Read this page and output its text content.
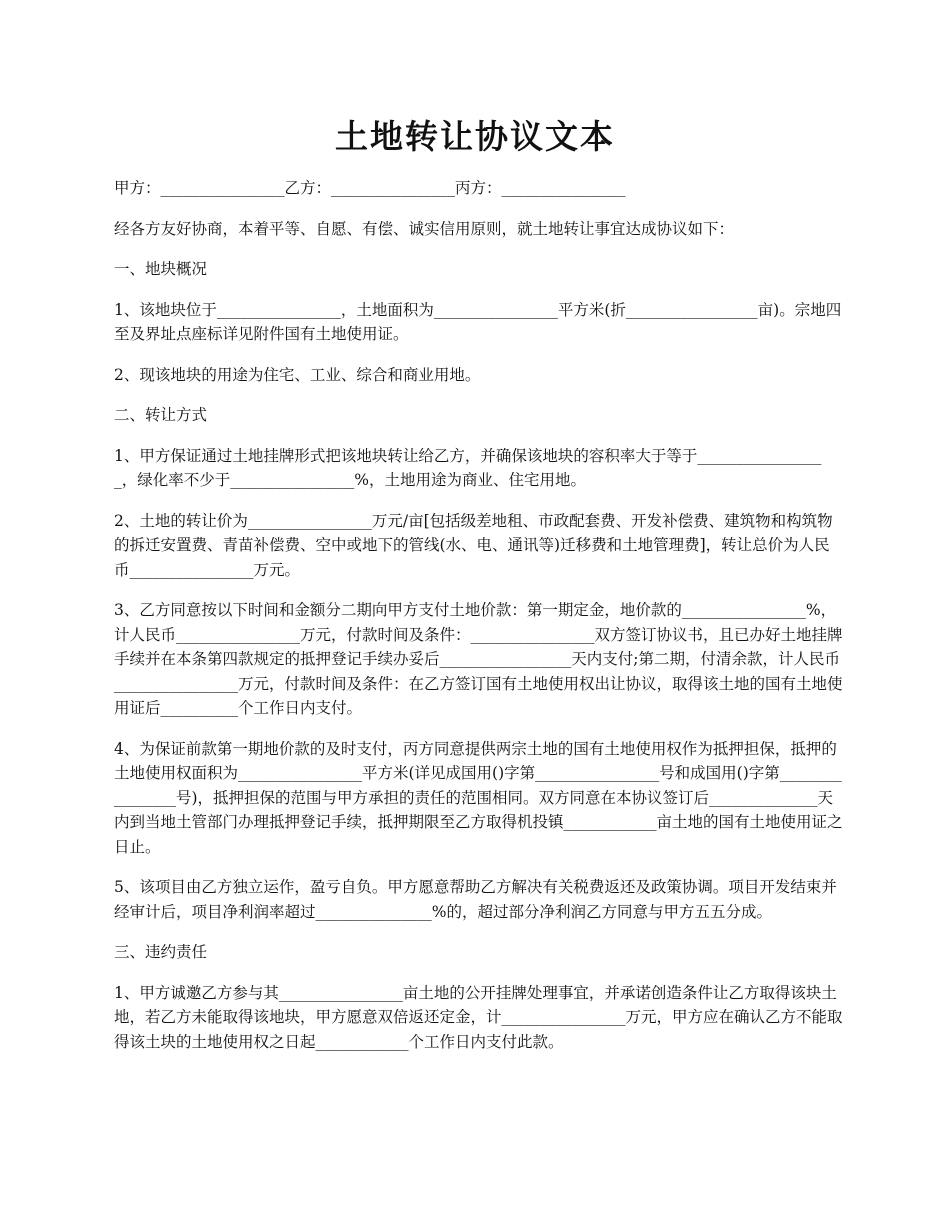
土地转让协议文本

甲方：________________乙方：________________丙方：________________

经各方友好协商，本着平等、自愿、有偿、诚实信用原则，就土地转让事宜达成协议如下：

一、地块概况

1、该地块位于________________，土地面积为________________平方米(折_________________亩)。宗地四至及界址点座标详见附件国有土地使用证。

2、现该地块的用途为住宅、工业、综合和商业用地。

二、转让方式

1、甲方保证通过土地挂牌形式把该地块转让给乙方，并确保该地块的容积率大于等于_________________，绿化率不少于________________%，土地用途为商业、住宅用地。

2、土地的转让价为________________万元/亩[包括级差地租、市政配套费、开发补偿费、建筑物和构筑物的拆迁安置费、青苗补偿费、空中或地下的管线(水、电、通讯等)迁移费和土地管理费]，转让总价为人民币________________万元。

3、乙方同意按以下时间和金额分二期向甲方支付土地价款：第一期定金，地价款的________________%，计人民币________________万元，付款时间及条件：________________双方签订协议书，且已办好土地挂牌手续并在本条第四款规定的抵押登记手续办妥后_________________天内支付;第二期，付清余款，计人民币________________万元，付款时间及条件：在乙方签订国有土地使用权出让协议，取得该土地的国有土地使用证后__________个工作日内支付。

4、为保证前款第一期地价款的及时支付，丙方同意提供两宗土地的国有土地使用权作为抵押担保，抵押的土地使用权面积为________________平方米(详见成国用()字第________________号和成国用()字第________________号)，抵押担保的范围与甲方承担的责任的范围相同。双方同意在本协议签订后______________天内到当地土管部门办理抵押登记手续，抵押期限至乙方取得机投镇____________亩土地的国有土地使用证之日止。

5、该项目由乙方独立运作，盈亏自负。甲方愿意帮助乙方解决有关税费返还及政策协调。项目开发结束并经审计后，项目净利润率超过_______________%的，超过部分净利润乙方同意与甲方五五分成。

三、违约责任

1、甲方诚邀乙方参与其________________亩土地的公开挂牌处理事宜，并承诺创造条件让乙方取得该块土地，若乙方未能取得该地块，甲方愿意双倍返还定金，计________________万元，甲方应在确认乙方不能取得该土块的土地使用权之日起____________个工作日内支付此款。
